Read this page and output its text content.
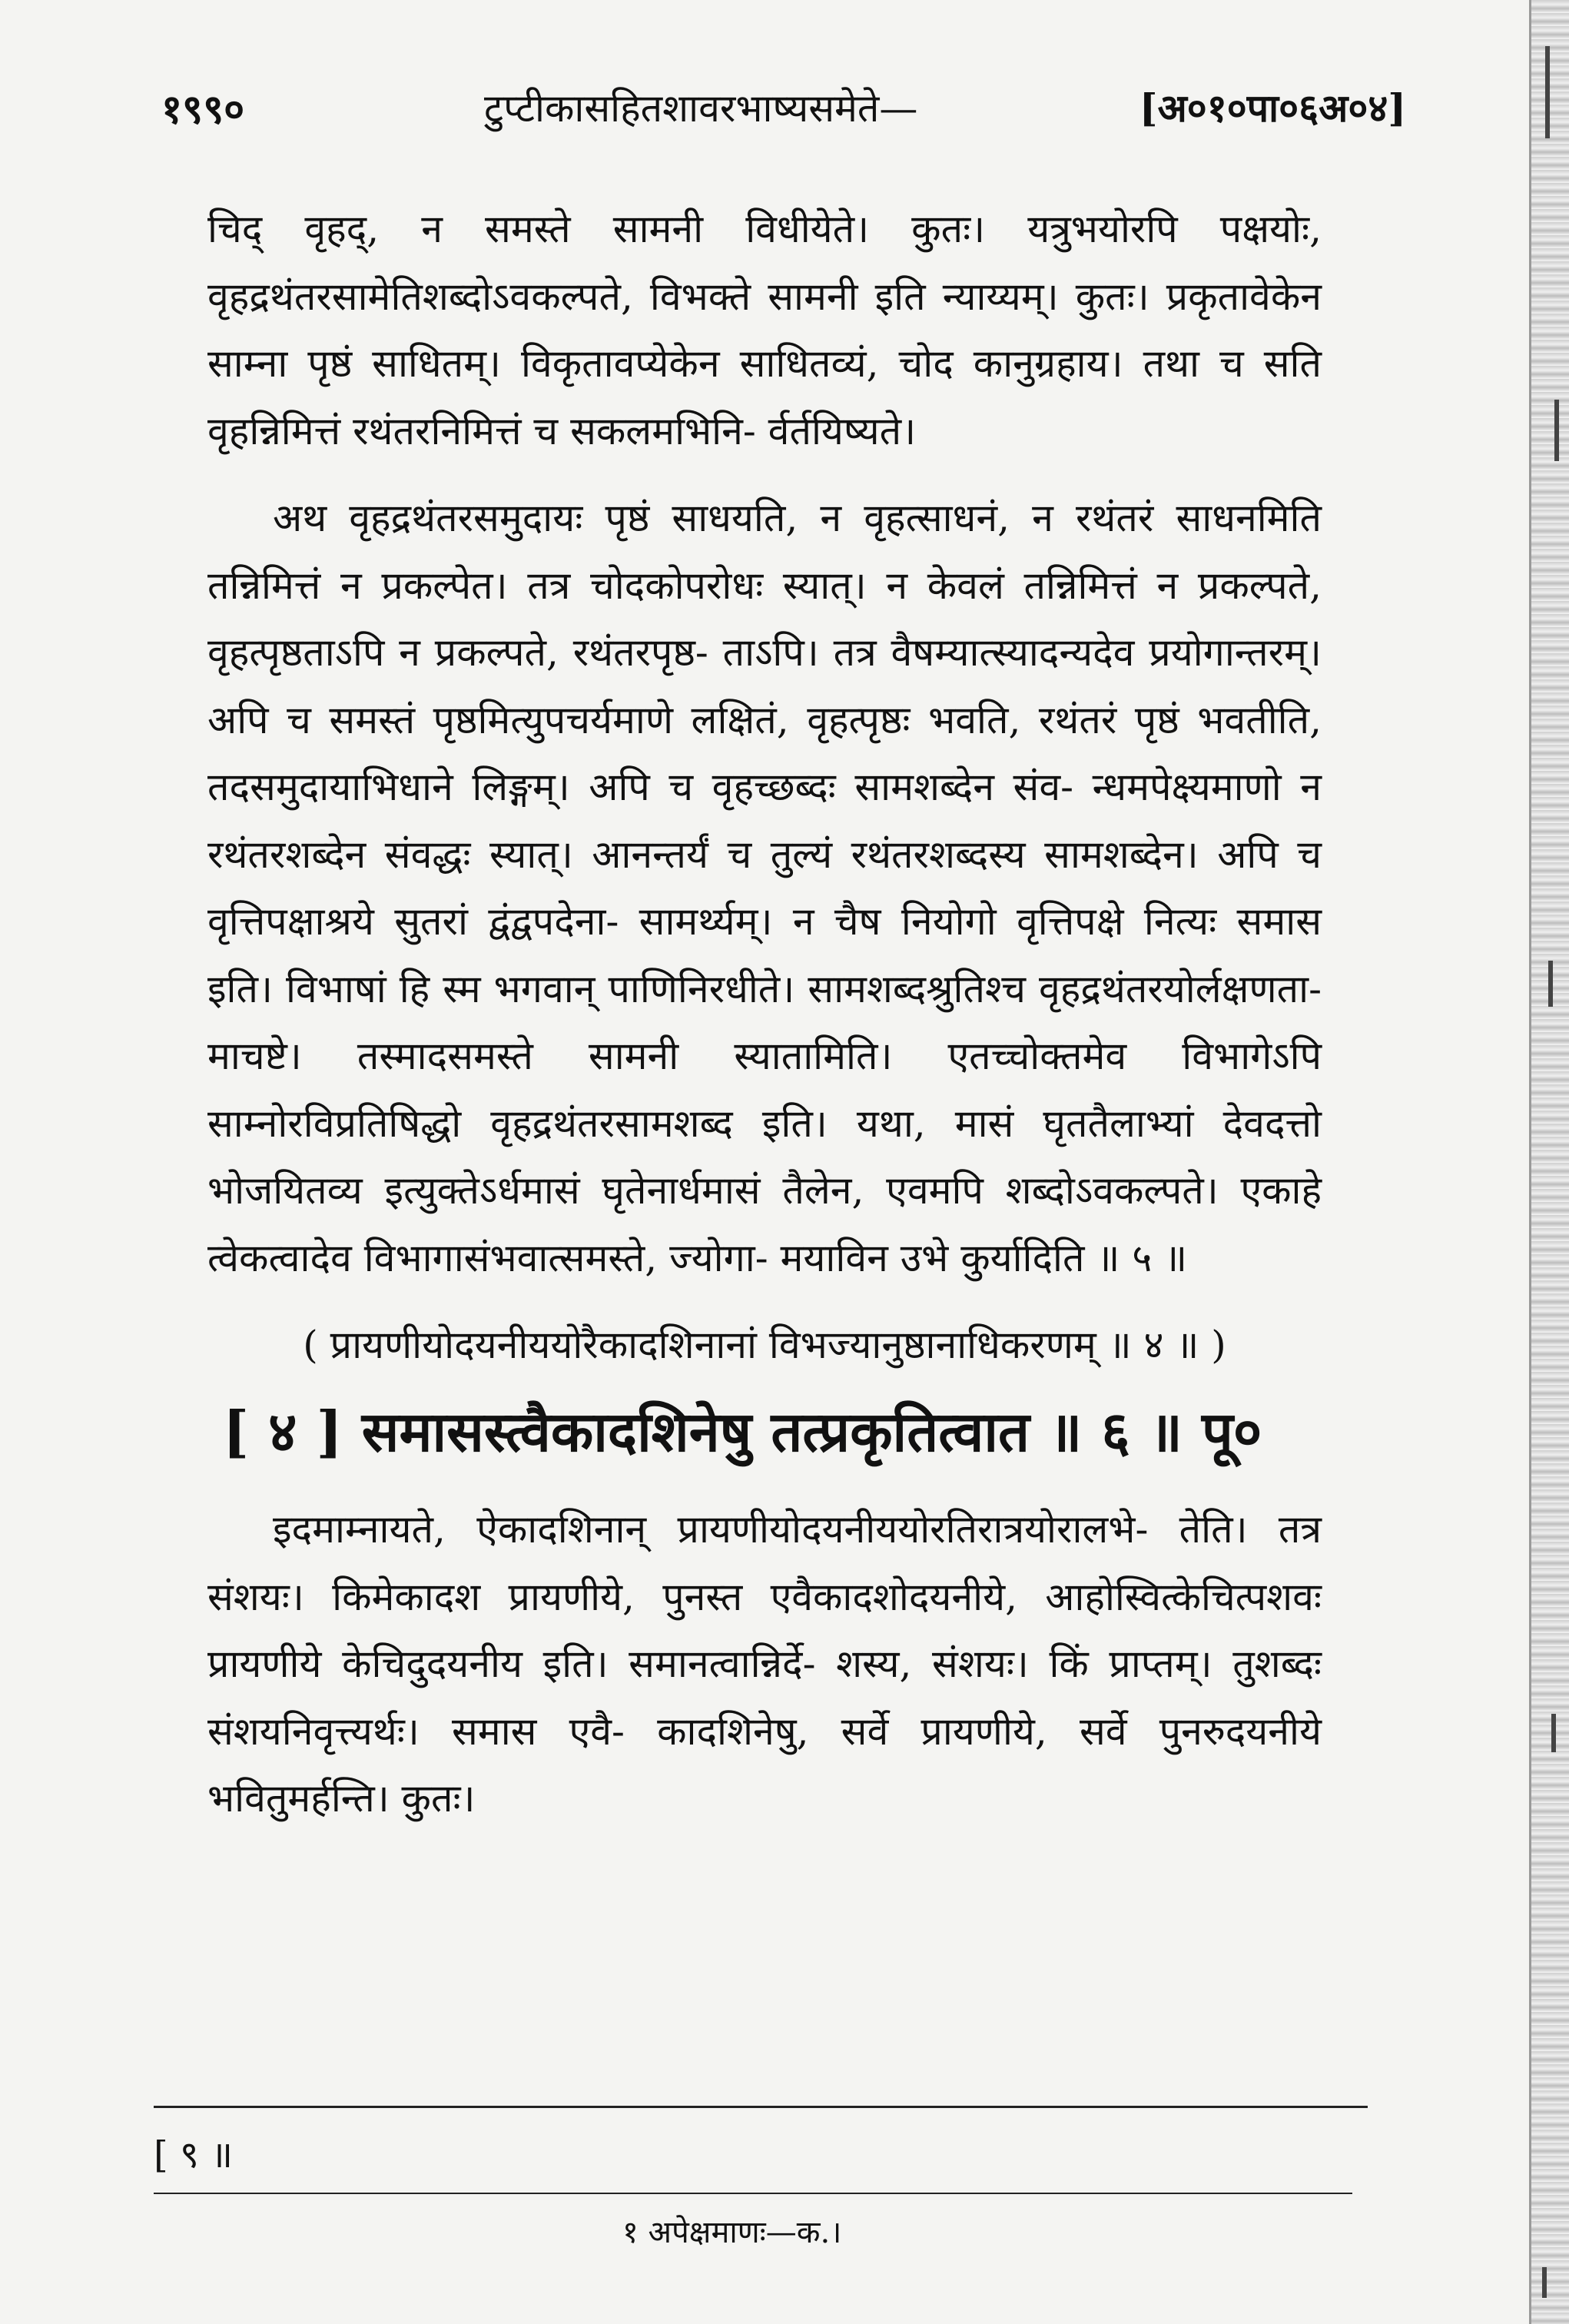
१९९०	टुप्टीकासहितशावरभाष्यसमेते—	[अ०१०पा०६अ०४]

चिद् वृहद्, न समस्ते सामनी विधीयेते। कुतः। यत्रुभयोरपि पक्षयोः, वृहद्रथंतरसामेतिशब्दोऽवकल्पते, विभक्ते सामनी इति न्याय्यम्। कुतः। प्रकृतावेकेन साम्ना पृष्ठं साधितम्। विकृतावप्येकेन साधितव्यं, चोद कानुग्रहाय। तथा च सति वृहन्निमित्तं रथंतरनिमित्तं च सकलमभिनि- र्वर्तयिष्यते।

अथ वृहद्रथंतरसमुदायः पृष्ठं साधयति, न वृहत्साधनं, न रथंतरं साधनमिति तन्निमित्तं न प्रकल्पेत। तत्र चोदकोपरोधः स्यात्। न केवलं तन्निमित्तं न प्रकल्पते, वृहत्पृष्ठताऽपि न प्रकल्पते, रथंतरपृष्ठ- ताऽपि। तत्र वैषम्यात्स्यादन्यदेव प्रयोगान्तरम्। अपि च समस्तं पृष्ठमित्युपचर्यमाणे लक्षितं, वृहत्पृष्ठः भवति, रथंतरं पृष्ठं भवतीति, तदसमुदायाभिधाने लिङ्गम्। अपि च वृहच्छब्दः सामशब्देन संव- न्धमपेक्ष्यमाणो न रथंतरशब्देन संवद्धः स्यात्। आनन्तर्यं च तुल्यं रथंतरशब्दस्य सामशब्देन। अपि च वृत्तिपक्षाश्रये सुतरां द्वंद्वपदेना- सामर्थ्यम्। न चैष नियोगो वृत्तिपक्षे नित्यः समास इति। विभाषां हि स्म भगवान् पाणिनिरधीते। सामशब्दश्रुतिश्च वृहद्रथंतरयोर्लक्षणता- माचष्टे। तस्मादसमस्ते सामनी स्यातामिति। एतच्चोक्तमेव विभागेऽपि साम्नोरविप्रतिषिद्धो वृहद्रथंतरसामशब्द इति। यथा, मासं घृततैलाभ्यां देवदत्तो भोजयितव्य इत्युक्तेऽर्धमासं घृतेनार्धमासं तैलेन, एवमपि शब्दोऽवकल्पते। एकाहे त्वेकत्वादेव विभागासंभवात्समस्ते, ज्योगा- मयाविन उभे कुर्यादिति ॥ ५ ॥

( प्रायणीयोदयनीययोरैकादशिनानां विभज्यानुष्ठानाधिकरणम् ॥ ४ ॥ )
[ ४ ] समासस्त्वैकादशिनेषु तत्प्रकृतित्वात ॥ ६ ॥ पू०

इदमाम्नायते, ऐकादशिनान् प्रायणीयोदयनीययोरतिरात्रयोरालभे- तेति। तत्र संशयः। किमेकादश प्रायणीये, पुनस्त एवैकादशोदयनीये, आहोस्वित्केचित्पशवः प्रायणीये केचिदुदयनीय इति। समानत्वान्निर्दे- शस्य, संशयः। किं प्राप्तम्। तुशब्दः संशयनिवृत्त्यर्थः। समास एवै- कादशिनेषु, सर्वे प्रायणीये, सर्वे पुनरुदयनीये भवितुमर्हन्ति। कुतः।

[ ९ ॥
१ अपेक्षमाणः—क.।
